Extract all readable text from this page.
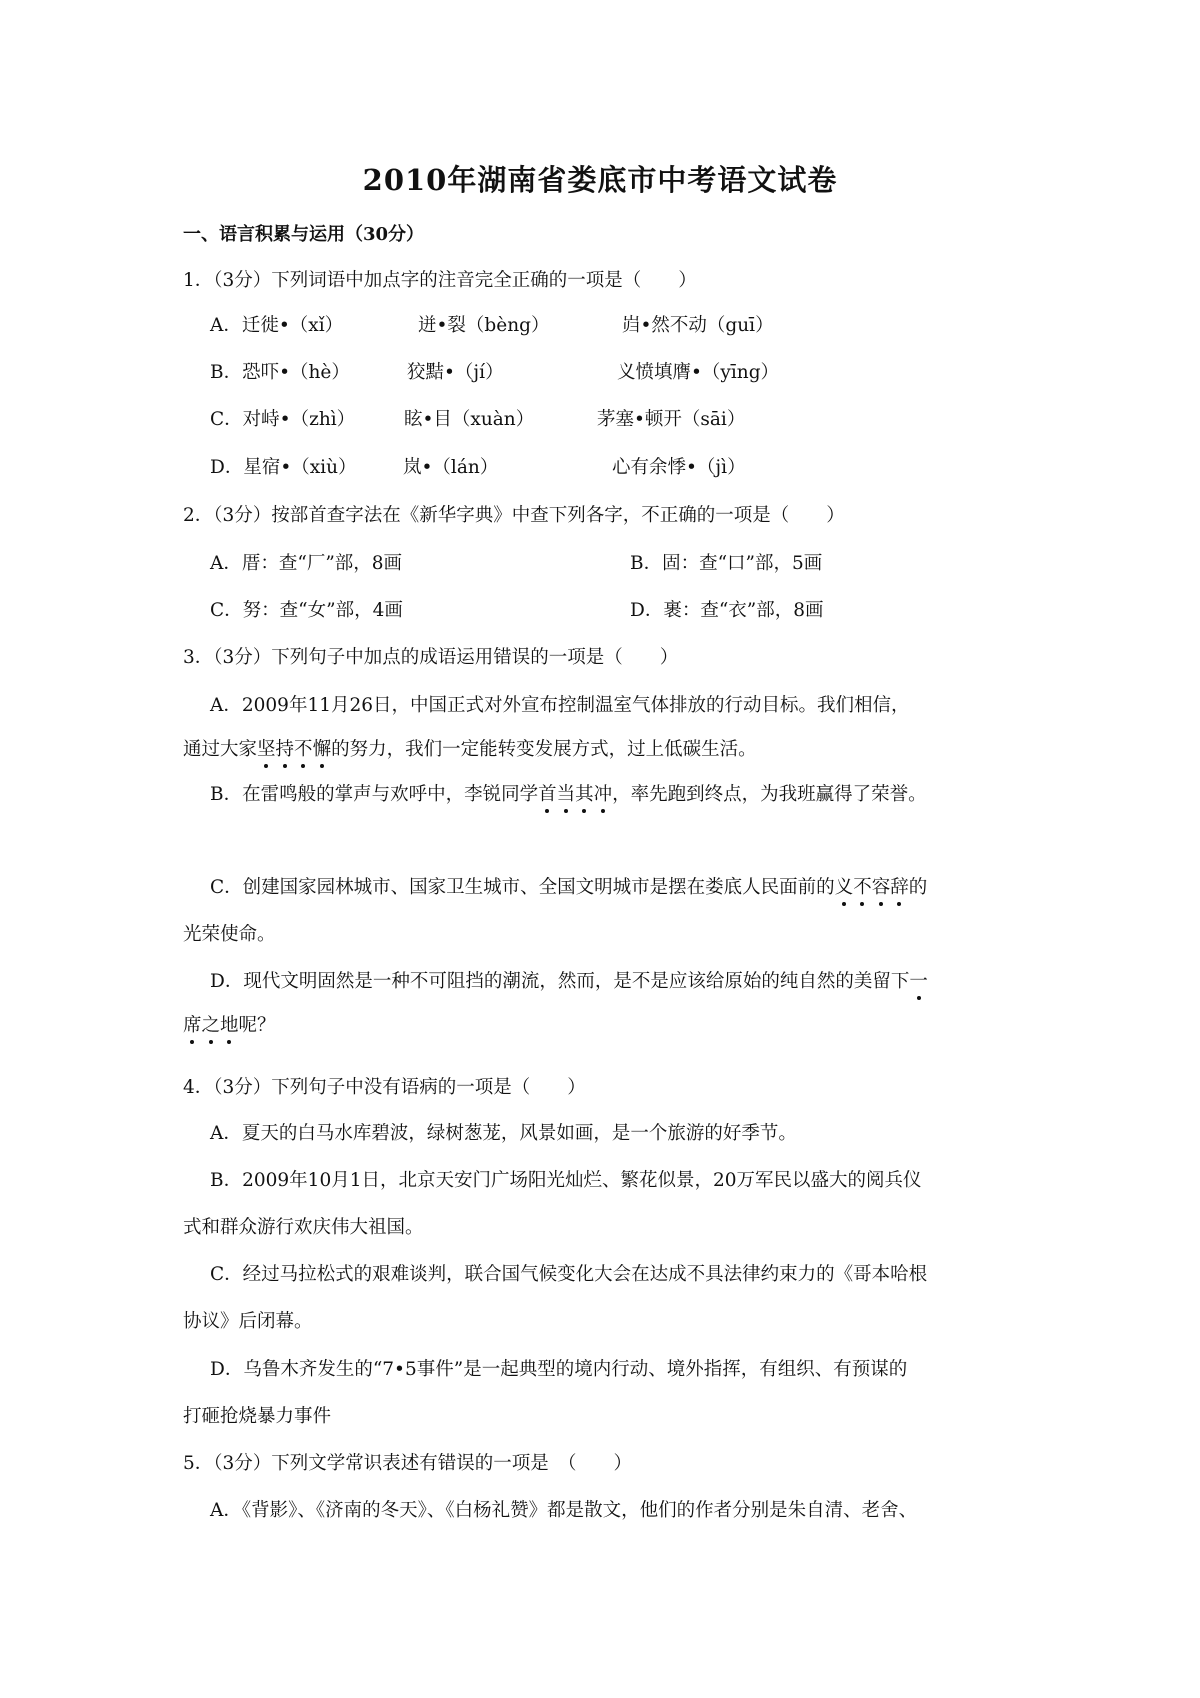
2010年湖南省娄底市中考语文试卷
一、语言积累与运用（30分）
1．（3分）下列词语中加点字的注音完全正确的一项是（　　）
A．迁徙•（xǐ）	迸•裂（bèng）	岿•然不动（guī）
B．恐吓•（hè）	狡黠•（jí）	义愤填膺•（yīng）
C．对峙•（zhì）	眩•目（xuàn）	茅塞•顿开（sāi）
D．星宿•（xiù）	岚•（lán）	心有余悸•（jì）
2．（3分）按部首查字法在《新华字典》中查下列各字，不正确的一项是（　　）
A．厝：查“厂”部，8画	B．固：查“口”部，5画
C．努：查“女”部，4画	D．裹：查“衣”部，8画
3．（3分）下列句子中加点的成语运用错误的一项是（　　）
A．2009年11月26日，中国正式对外宣布控制温室气体排放的行动目标。我们相信，
通过大家坚持不懈的努力，我们一定能转变发展方式，过上低碳生活。
B．在雷鸣般的掌声与欢呼中，李锐同学首当其冲，率先跑到终点，为我班赢得了荣誉。
C．创建国家园林城市、国家卫生城市、全国文明城市是摆在娄底人民面前的义不容辞的
光荣使命。
D．现代文明固然是一种不可阻挡的潮流，然而，是不是应该给原始的纯自然的美留下一
席之地呢？
4．（3分）下列句子中没有语病的一项是（　　）
A．夏天的白马水库碧波，绿树葱茏，风景如画，是一个旅游的好季节。
B．2009年10月1日，北京天安门广场阳光灿烂、繁花似景，20万军民以盛大的阅兵仪
式和群众游行欢庆伟大祖国。
C．经过马拉松式的艰难谈判，联合国气候变化大会在达成不具法律约束力的《哥本哈根
协议》后闭幕。
D．乌鲁木齐发生的“7•5事件”是一起典型的境内行动、境外指挥，有组织、有预谋的
打砸抢烧暴力事件
5．（3分）下列文学常识表述有错误的一项是　（　　）
A．《背影》、《济南的冬天》、《白杨礼赞》都是散文，他们的作者分别是朱自清、老舍、
